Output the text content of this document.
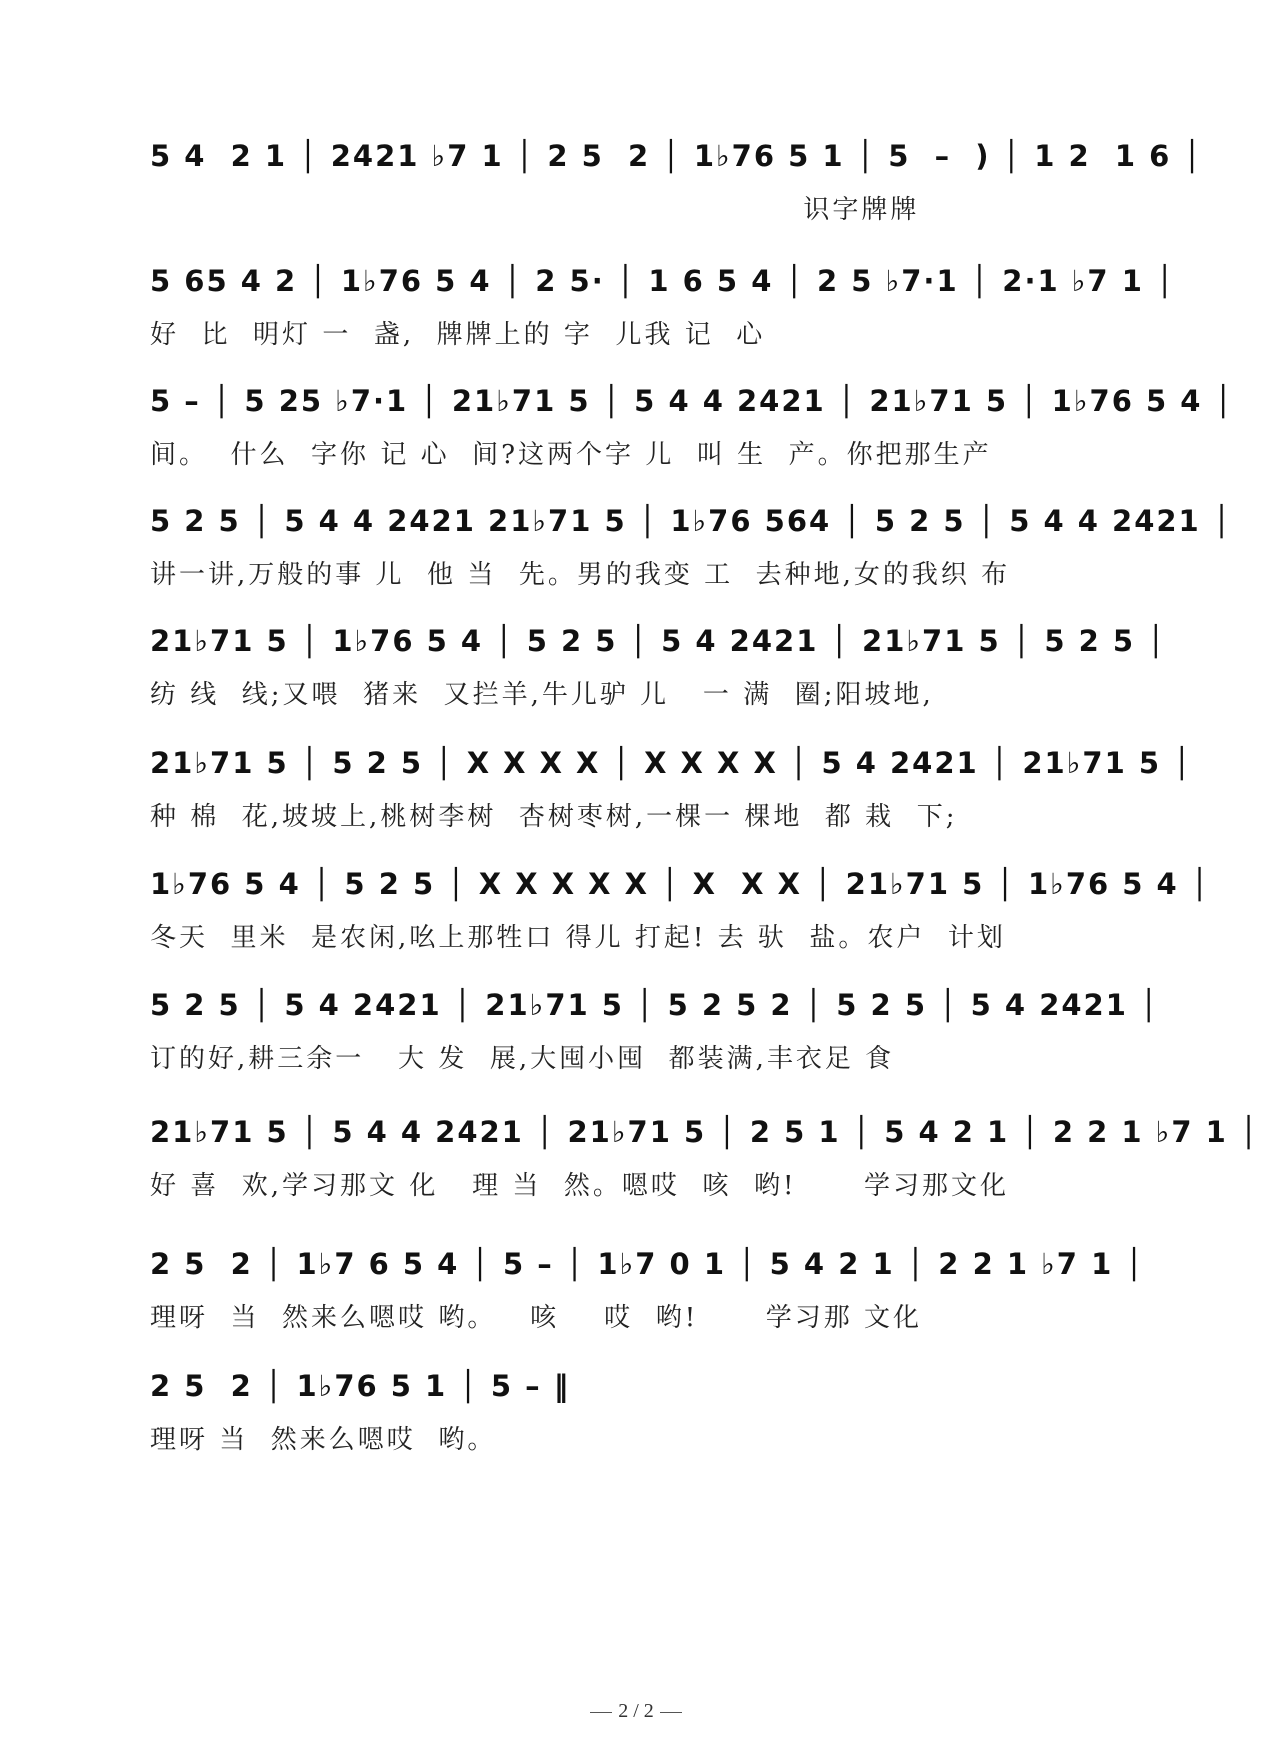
5 4  2 1 │ 2421 ♭7 1 │ 2 5  2 │ 1♭76 5 1 │ 5  –  ) │ 1 2  1 6 │
识字牌牌
5 65 4 2 │ 1♭76 5 4 │ 2 5· │ 1 6 5 4 │ 2 5 ♭7·1 │ 2·1 ♭7 1 │
好  比  明灯 一  盏,  牌牌上的 字  儿我 记  心
5 – │ 5 25 ♭7·1 │ 21♭71 5 │ 5 4 4 2421 │ 21♭71 5 │ 1♭76 5 4 │
间。  什么  字你 记 心  间?这两个字 儿  叫 生  产。你把那生产
5 2 5 │ 5 4 4 2421 21♭71 5 │ 1♭76 564 │ 5 2 5 │ 5 4 4 2421 │
讲一讲,万般的事 儿  他 当  先。男的我变 工  去种地,女的我织 布
21♭71 5 │ 1♭76 5 4 │ 5 2 5 │ 5 4 2421 │ 21♭71 5 │ 5 2 5 │
纺 线  线;又喂  猪来  又拦羊,牛儿驴 儿   一 满  圈;阳坡地,
21♭71 5 │ 5 2 5 │ X X X X │ X X X X │ 5 4 2421 │ 21♭71 5 │
种 棉  花,坡坡上,桃树李树  杏树枣树,一棵一 棵地  都 栽  下;
1♭76 5 4 │ 5 2 5 │ X X X X X │ X  X X │ 21♭71 5 │ 1♭76 5 4 │
冬天  里米  是农闲,吆上那牲口 得儿 打起! 去 驮  盐。农户  计划
5 2 5 │ 5 4 2421 │ 21♭71 5 │ 5 2 5 2 │ 5 2 5 │ 5 4 2421 │
订的好,耕三余一   大 发  展,大囤小囤  都装满,丰衣足 食
21♭71 5 │ 5 4 4 2421 │ 21♭71 5 │ 2 5 1 │ 5 4 2 1 │ 2 2 1 ♭7 1 │
好 喜  欢,学习那文 化   理 当  然。嗯哎  咳  哟!      学习那文化
2 5  2 │ 1♭7 6 5 4 │ 5 – │ 1♭7 0 1 │ 5 4 2 1 │ 2 2 1 ♭7 1 │
理呀  当  然来么嗯哎 哟。   咳    哎  哟!      学习那 文化
2 5  2 │ 1♭76 5 1 │ 5 – ‖
理呀 当  然来么嗯哎  哟。
2 / 2
